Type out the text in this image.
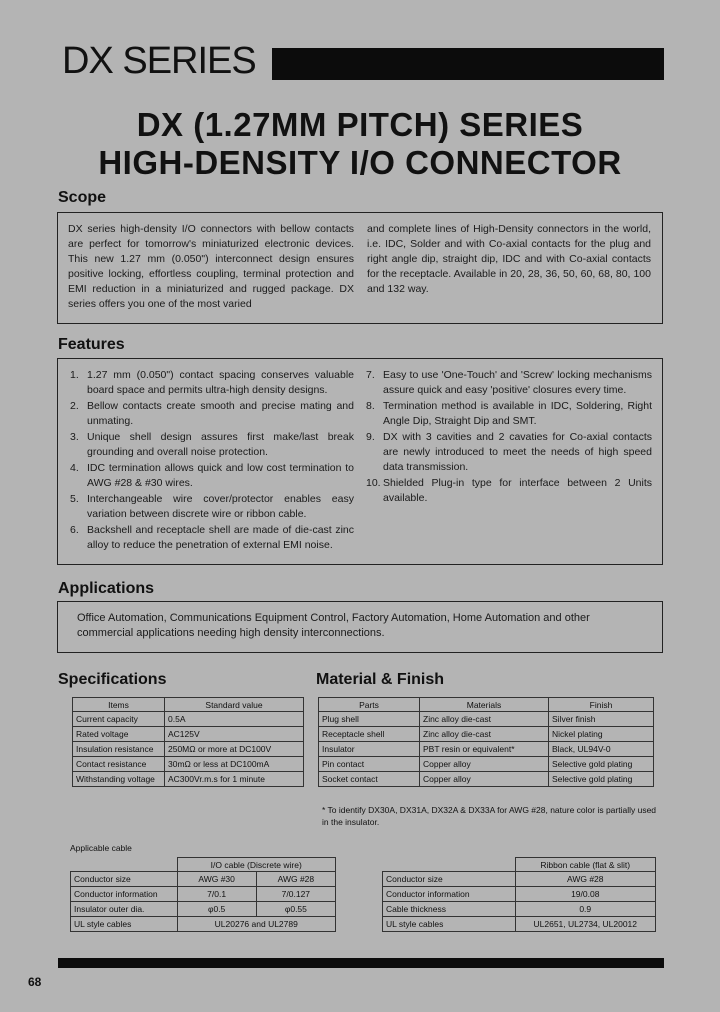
DX SERIES
DX (1.27MM PITCH) SERIES
HIGH-DENSITY I/O CONNECTOR
Scope
DX series high-density I/O connectors with bellow contacts are perfect for tomorrow's miniaturized electronic devices. This new 1.27 mm (0.050") interconnect design ensures positive locking, effortless coupling, terminal protection and EMI reduction in a miniaturized and rugged package. DX series offers you one of the most varied
and complete lines of High-Density connectors in the world, i.e. IDC, Solder and with Co-axial contacts for the plug and right angle dip, straight dip, IDC and with Co-axial contacts for the receptacle. Available in 20, 28, 36, 50, 60, 68, 80, 100 and 132 way.
Features
1. 1.27 mm (0.050") contact spacing conserves valuable board space and permits ultra-high density designs.
2. Bellow contacts create smooth and precise mating and unmating.
3. Unique shell design assures first make/last break grounding and overall noise protection.
4. IDC termination allows quick and low cost termination to AWG #28 & #30 wires.
5. Interchangeable wire cover/protector enables easy variation between discrete wire or ribbon cable.
6. Backshell and receptacle shell are made of die-cast zinc alloy to reduce the penetration of external EMI noise.
7. Easy to use 'One-Touch' and 'Screw' locking mechanisms assure quick and easy 'positive' closures every time.
8. Termination method is available in IDC, Soldering, Right Angle Dip, Straight Dip and SMT.
9. DX with 3 cavities and 2 cavaties for Co-axial contacts are newly introduced to meet the needs of high speed data transmission.
10. Shielded Plug-in type for interface between 2 Units available.
Applications
Office Automation, Communications Equipment Control, Factory Automation, Home Automation and other commercial applications needing high density interconnections.
Specifications
Items	Standard value
Current capacity	0.5A
Rated voltage	AC125V
Insulation resistance	250MΩ or more at DC100V
Contact resistance	30mΩ or less at DC100mA
Withstanding voltage	AC300Vr.m.s for 1 minute
Material & Finish
Parts	Materials	Finish
Plug shell	Zinc alloy die-cast	Silver finish
Receptacle shell	Zinc alloy die-cast	Nickel plating
Insulator	PBT resin or equivalent*	Black, UL94V-0
Pin contact	Copper alloy	Selective gold plating
Socket contact	Copper alloy	Selective gold plating
* To identify DX30A, DX31A, DX32A & DX33A for AWG #28, nature color is partially used in the insulator.
Applicable cable
	I/O cable (Discrete wire)	
Conductor size	AWG #30	AWG #28
Conductor information	7/0.1	7/0.127
Insulator outer dia.	φ0.5	φ0.55
UL style cables	UL20276 and UL2789	
	Ribbon cable (flat & slit)
Conductor size	AWG #28
Conductor information	19/0.08
Cable thickness	0.9
UL style cables	UL2651, UL2734, UL20012
68
